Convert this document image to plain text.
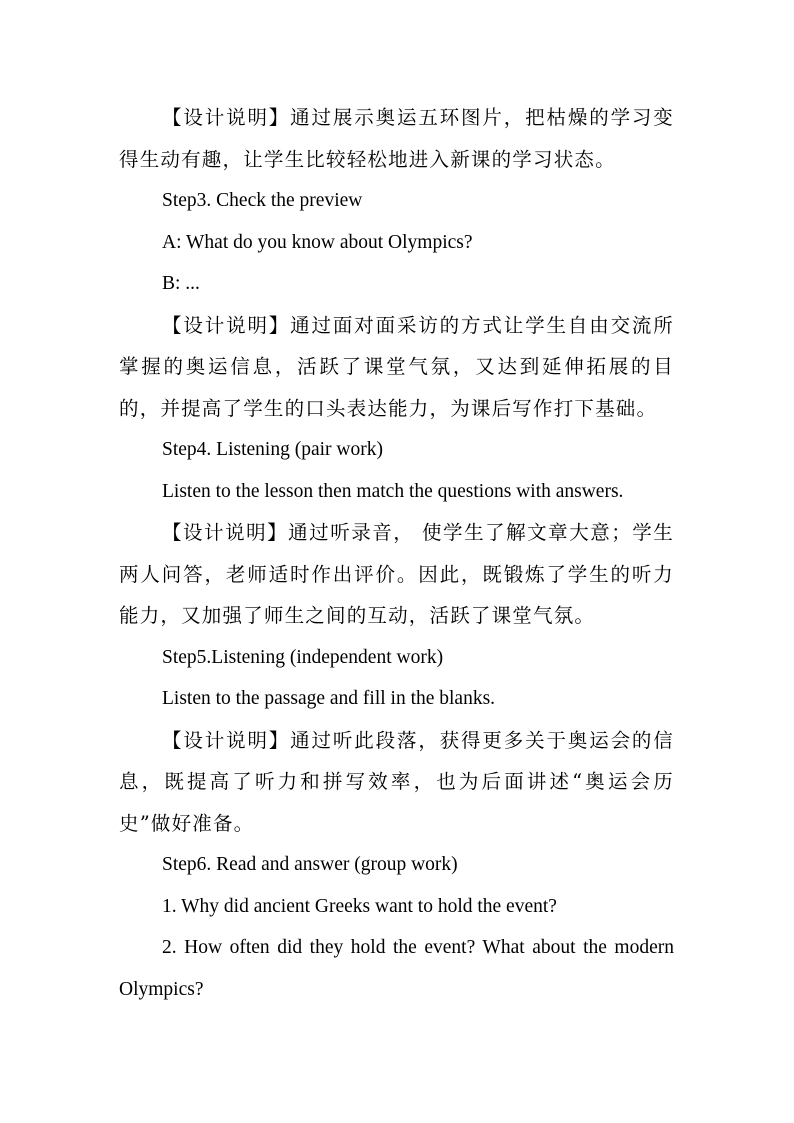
【设计说明】通过展示奥运五环图片，把枯燥的学习变得生动有趣，让学生比较轻松地进入新课的学习状态。

Step3. Check the preview

A: What do you know about Olympics?

B: ...

【设计说明】通过面对面采访的方式让学生自由交流所掌握的奥运信息，活跃了课堂气氛，又达到延伸拓展的目的，并提高了学生的口头表达能力，为课后写作打下基础。

Step4. Listening (pair work)

Listen to the lesson then match the questions with answers.

【设计说明】通过听录音， 使学生了解文章大意；学生两人问答，老师适时作出评价。因此，既锻炼了学生的听力能力，又加强了师生之间的互动，活跃了课堂气氛。

Step5.Listening (independent work)

Listen to the passage and fill in the blanks.

【设计说明】通过听此段落，获得更多关于奥运会的信息，既提高了听力和拼写效率，也为后面讲述“奥运会历史”做好准备。

Step6. Read and answer (group work)

1. Why did ancient Greeks want to hold the event?

2. How often did they hold the event? What about the modern Olympics?
